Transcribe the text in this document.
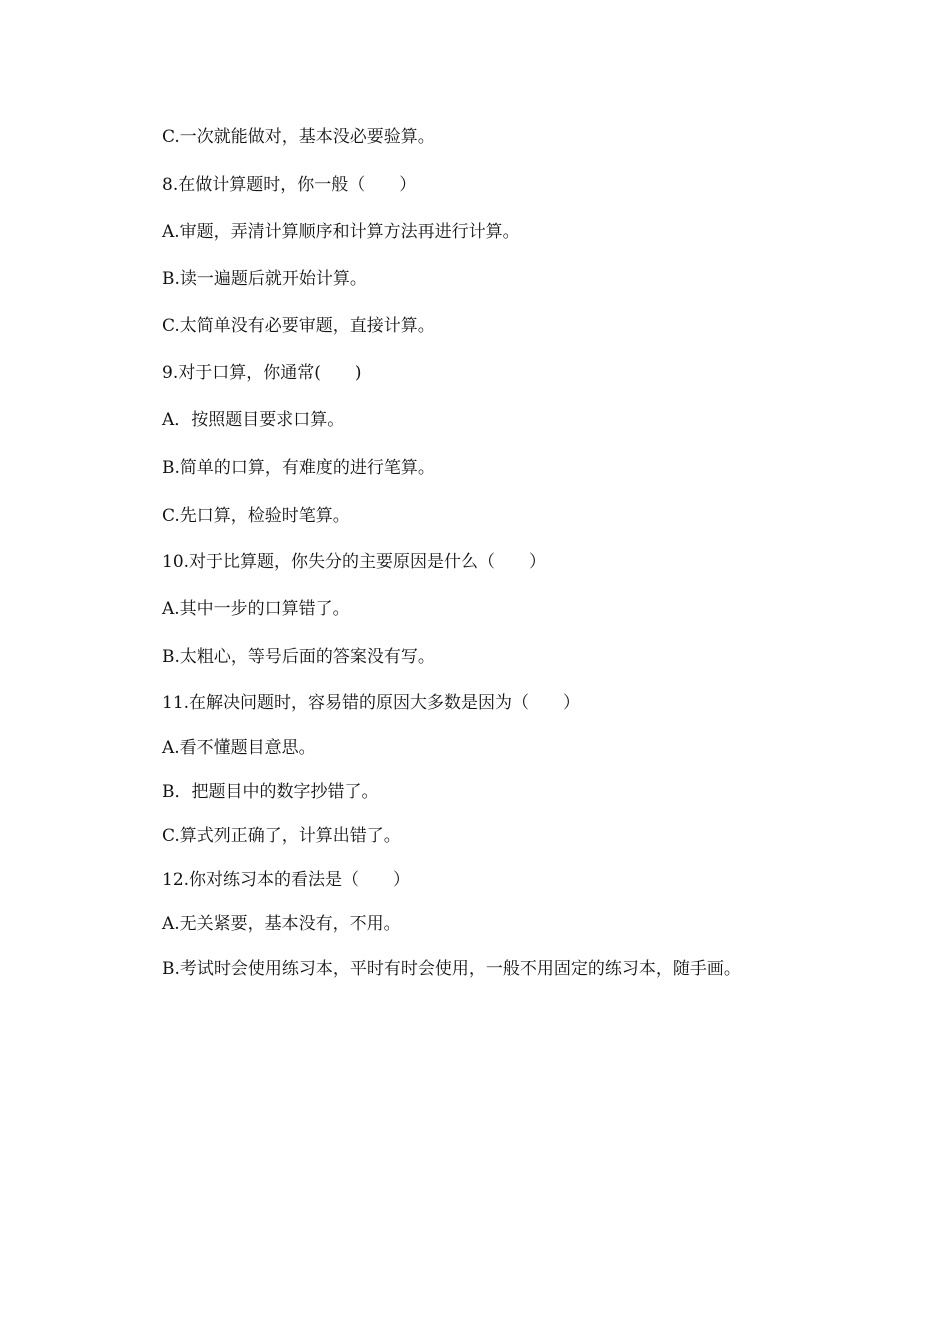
C.一次就能做对，基本没必要验算。
8.在做计算题时，你一般（　　）
A.审题，弄清计算顺序和计算方法再进行计算。
B.读一遍题后就开始计算。
C.太简单没有必要审题，直接计算。
9.对于口算，你通常(　　)
A．按照题目要求口算。
B.简单的口算，有难度的进行笔算。
C.先口算，检验时笔算。
10.对于比算题，你失分的主要原因是什么（　　）
A.其中一步的口算错了。
B.太粗心，等号后面的答案没有写。
11.在解决问题时，容易错的原因大多数是因为（　　）
A.看不懂题目意思。
B．把题目中的数字抄错了。
C.算式列正确了，计算出错了。
12.你对练习本的看法是（　　）
A.无关紧要，基本没有，不用。
B.考试时会使用练习本，平时有时会使用，一般不用固定的练习本，随手画。
